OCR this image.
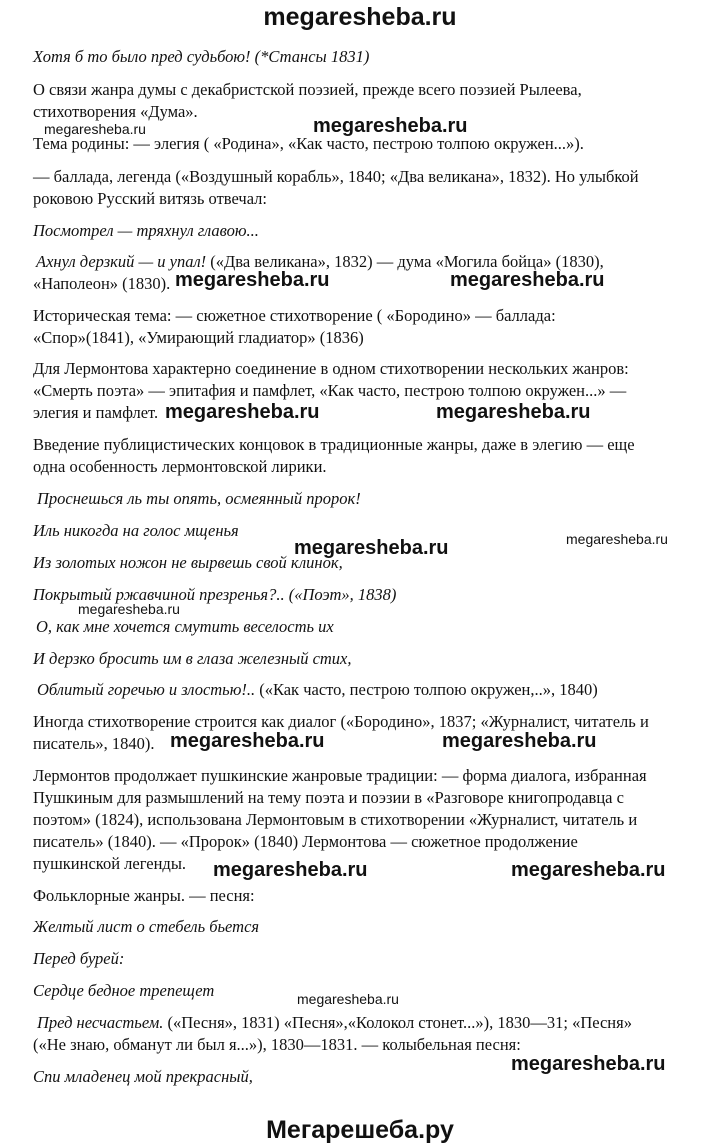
megaresheba.ru
Хотя б то было пред судьбою! (*Стансы 1831)
О связи жанра думы с декабристской поэзией, прежде всего поэзией Рылеева,
стихотворения «Дума».
Тема родины: — элегия ( «Родина», «Как часто, пестрою толпою окружен...»).
— баллада, легенда («Воздушный корабль», 1840; «Два великана», 1832). Но улыбкой
роковою Русский витязь отвечал:
Посмотрел — тряхнул главою...
Ахнул дерзкий — и упал! («Два великана», 1832) — дума «Могила бойца» (1830),
«Наполеон» (1830).
Историческая тема: — сюжетное стихотворение ( «Бородино» — баллада:
«Спор»(1841), «Умирающий гладиатор» (1836)
Для Лермонтова характерно соединение в одном стихотворении нескольких жанров:
«Смерть поэта» — эпитафия и памфлет, «Как часто, пестрою толпою окружен...» —
элегия и памфлет.
Введение публицистических концовок в традиционные жанры, даже в элегию — еще
одна особенность лермонтовской лирики.
Проснешься ль ты опять, осмеянный пророк!
Иль никогда на голос мщенья
Из золотых ножон не вырвешь свой клинок,
Покрытый ржавчиной презренья?.. («Поэт», 1838)
О, как мне хочется смутить веселость их
И дерзко бросить им в глаза железный стих,
Облитый горечью и злостью!.. («Как часто, пестрою толпою окружен,..», 1840)
Иногда стихотворение строится как диалог («Бородино», 1837; «Журналист, читатель и
писатель», 1840).
Лермонтов продолжает пушкинские жанровые традиции: — форма диалога, избранная
Пушкиным для размышлений на тему поэта и поэзии в «Разговоре книгопродавца с
поэтом» (1824), использована Лермонтовым в стихотворении «Журналист, читатель и
писатель» (1840). — «Пророк» (1840) Лермонтова — сюжетное продолжение
пушкинской легенды.
Фольклорные жанры. — песня:
Желтый лист о стебель бьется
Перед бурей:
Сердце бедное трепещет
Пред несчастьем. («Песня», 1831) «Песня»,«Колокол стонет...»), 1830—31; «Песня»
(«Не знаю, обманут ли был я...»), 1830—1831. — колыбельная песня:
Спи младенец мой прекрасный,
megaresheba.ru	megaresheba.ru
megaresheba.ru	megaresheba.ru
megaresheba.ru	megaresheba.ru
megaresheba.ru
megaresheba.ru
megaresheba.ru
megaresheba.ru	megaresheba.ru
megaresheba.ru	megaresheba.ru
megaresheba.ru
megaresheba.ru
Мегарешеба.ру
